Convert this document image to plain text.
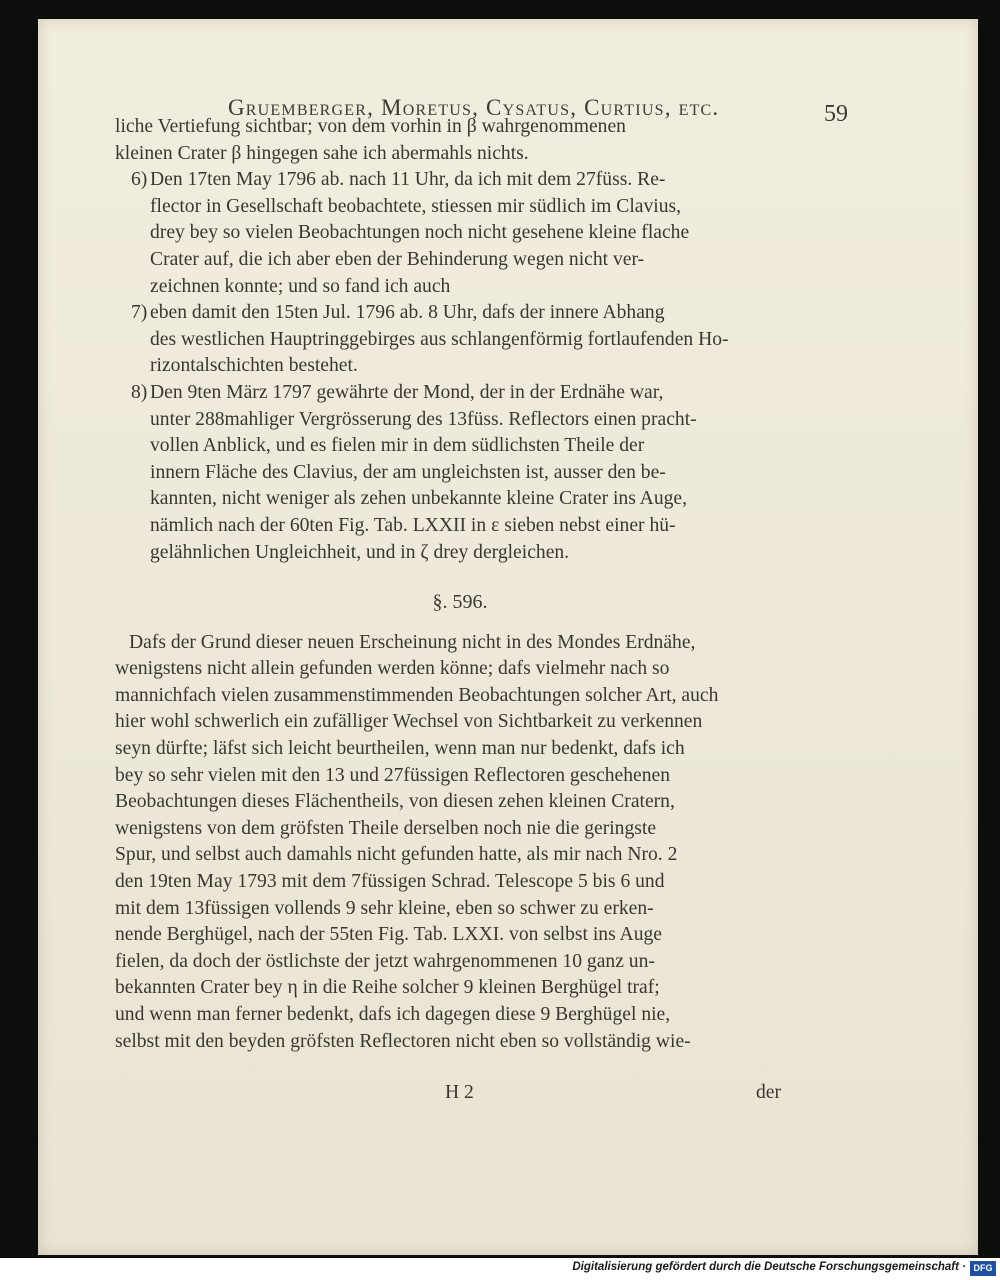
Gruemberger, Moretus, Cysatus, Curtius, etc.	59

liche Vertiefung sichtbar; von dem vorhin in β wahrgenommenen

kleinen Crater β hingegen sahe ich abermahls nichts.

6) Den 17ten May 1796 ab. nach 11 Uhr, da ich mit dem 27füss. Re-

flector in Gesellschaft beobachtete, stiessen mir südlich im Clavius,

drey bey so vielen Beobachtungen noch nicht gesehene kleine flache

Crater auf, die ich aber eben der Behinderung wegen nicht ver-

zeichnen konnte; und so fand ich auch

7) eben damit den 15ten Jul. 1796 ab. 8 Uhr, dafs der innere Abhang

des westlichen Hauptringgebirges aus schlangenförmig fortlaufenden Ho-

rizontalschichten bestehet.

8) Den 9ten März 1797 gewährte der Mond, der in der Erdnähe war,

unter 288mahliger Vergrösserung des 13füss. Reflectors einen pracht-

vollen Anblick, und es fielen mir in dem südlichsten Theile der

innern Fläche des Clavius, der am ungleichsten ist, ausser den be-

kannten, nicht weniger als zehen unbekannte kleine Crater ins Auge,

nämlich nach der 60ten Fig. Tab. LXXII in ε sieben nebst einer hü-

gelähnlichen Ungleichheit, und in ζ drey dergleichen.

§. 596.

Dafs der Grund dieser neuen Erscheinung nicht in des Mondes Erdnähe,

wenigstens nicht allein gefunden werden könne; dafs vielmehr nach so

mannichfach vielen zusammenstimmenden Beobachtungen solcher Art, auch

hier wohl schwerlich ein zufälliger Wechsel von Sichtbarkeit zu verkennen

seyn dürfte; läfst sich leicht beurtheilen, wenn man nur bedenkt, dafs ich

bey so sehr vielen mit den 13 und 27füssigen Reflectoren geschehenen

Beobachtungen dieses Flächentheils, von diesen zehen kleinen Cratern,

wenigstens von dem gröfsten Theile derselben noch nie die geringste

Spur, und selbst auch damahls nicht gefunden hatte, als mir nach Nro. 2

den 19ten May 1793 mit dem 7füssigen Schrad. Telescope 5 bis 6 und

mit dem 13füssigen vollends 9 sehr kleine, eben so schwer zu erken-

nende Berghügel, nach der 55ten Fig. Tab. LXXI. von selbst ins Auge

fielen, da doch der östlichste der jetzt wahrgenommenen 10 ganz un-

bekannten Crater bey η in die Reihe solcher 9 kleinen Berghügel traf;

und wenn man ferner bedenkt, dafs ich dagegen diese 9 Berghügel nie,

selbst mit den beyden gröfsten Reflectoren nicht eben so vollständig wie-

H 2	der
Digitalisierung gefördert durch die Deutsche Forschungsgemeinschaft · DFG
